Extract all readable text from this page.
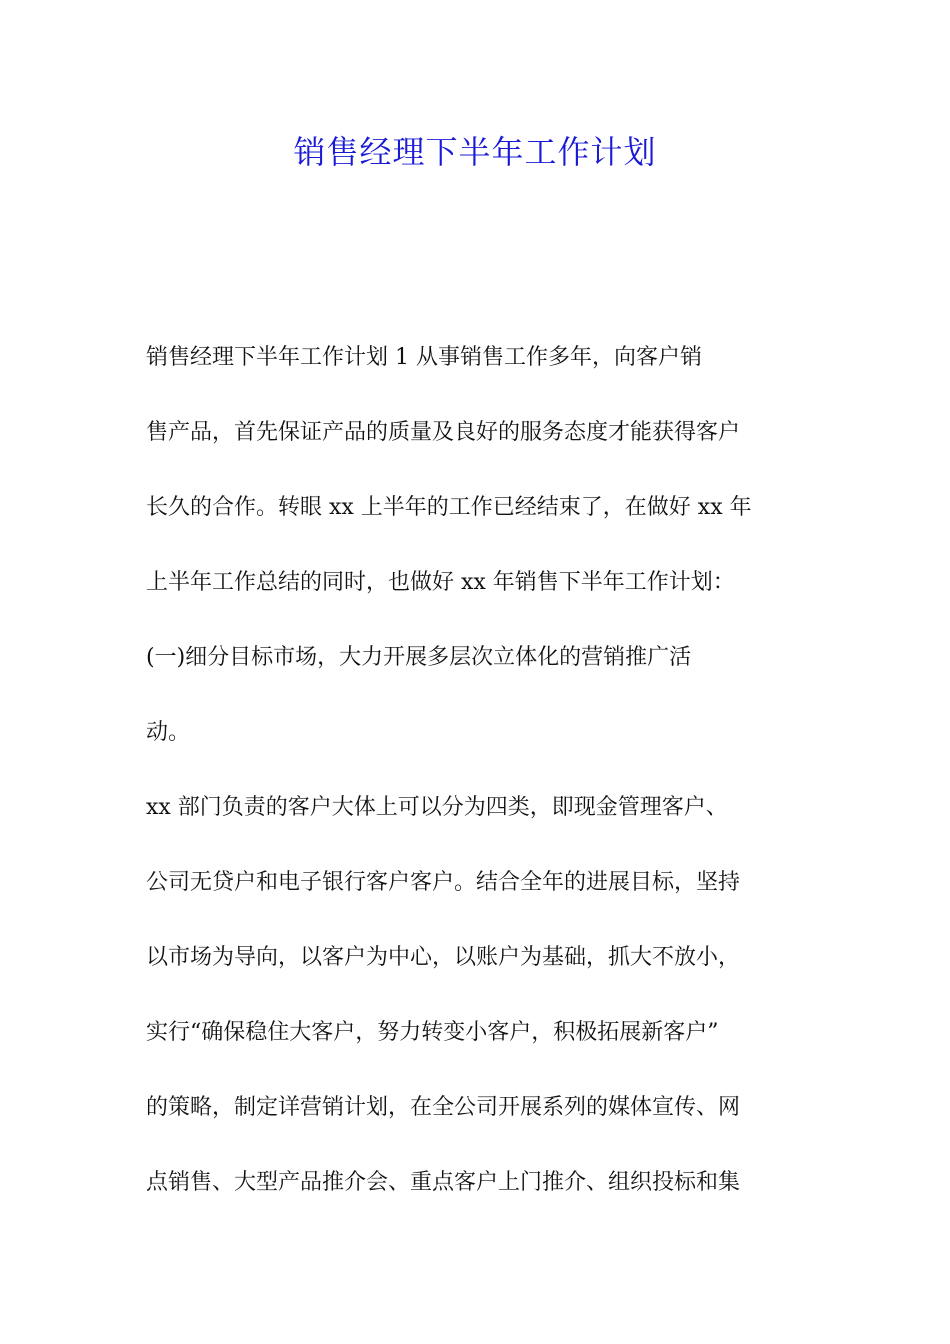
销售经理下半年工作计划
销售经理下半年工作计划 1 从事销售工作多年，向客户销
售产品，首先保证产品的质量及良好的服务态度才能获得客户
长久的合作。转眼 xx 上半年的工作已经结束了，在做好 xx 年
上半年工作总结的同时，也做好 xx 年销售下半年工作计划：
(一)细分目标市场，大力开展多层次立体化的营销推广活
动。
xx 部门负责的客户大体上可以分为四类，即现金管理客户、
公司无贷户和电子银行客户客户。结合全年的进展目标，坚持
以市场为导向，以客户为中心，以账户为基础，抓大不放小，
实行“确保稳住大客户，努力转变小客户，积极拓展新客户”
的策略，制定详营销计划，在全公司开展系列的媒体宣传、网
点销售、大型产品推介会、重点客户上门推介、组织投标和集
